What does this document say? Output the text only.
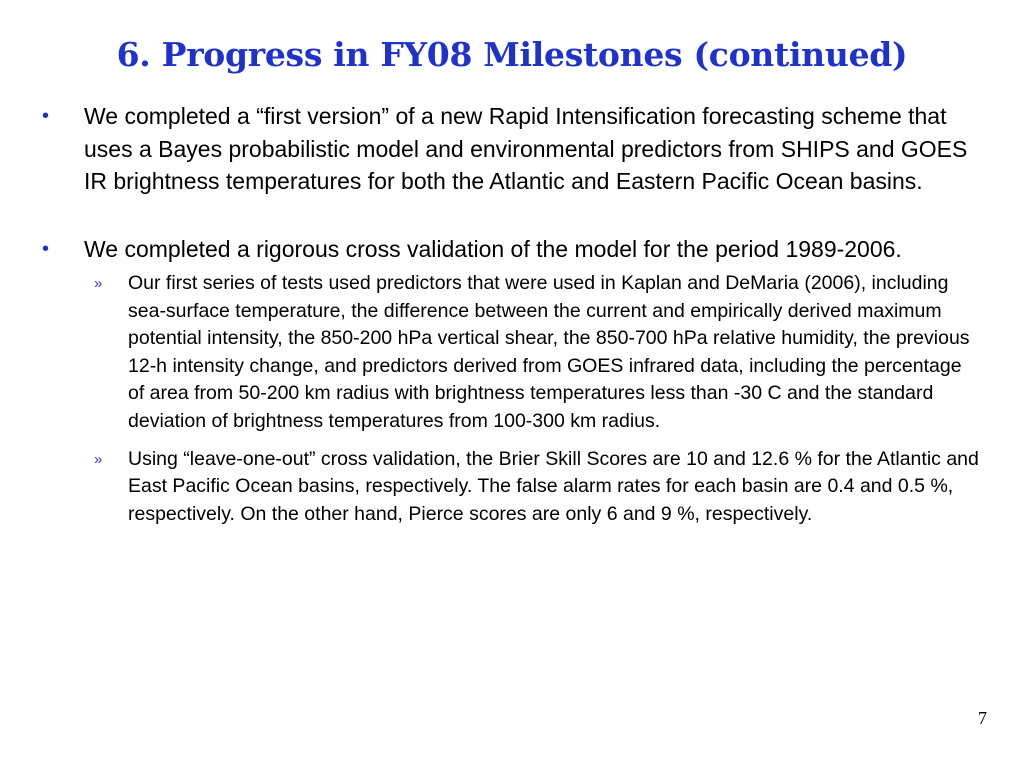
6. Progress in FY08 Milestones (continued)
• We completed a “first version” of a new Rapid Intensification forecasting scheme that uses a Bayes probabilistic model and environmental predictors from SHIPS and GOES IR brightness temperatures for both the Atlantic and Eastern Pacific Ocean basins.
• We completed a rigorous cross validation of the model for the period 1989-2006.
» Our first series of tests used predictors that were used in Kaplan and DeMaria (2006), including sea-surface temperature, the difference between the current and empirically derived maximum potential intensity, the 850-200 hPa vertical shear, the 850-700 hPa relative humidity, the previous 12-h intensity change, and predictors derived from GOES infrared data, including the percentage of area from 50-200 km radius with brightness temperatures less than -30 C and the standard deviation of brightness temperatures from 100-300 km radius.
» Using “leave-one-out” cross validation, the Brier Skill Scores are 10 and 12.6 % for the Atlantic and East Pacific Ocean basins, respectively. The false alarm rates for each basin are 0.4 and 0.5 %, respectively. On the other hand, Pierce scores are only 6 and 9 %, respectively.
7
